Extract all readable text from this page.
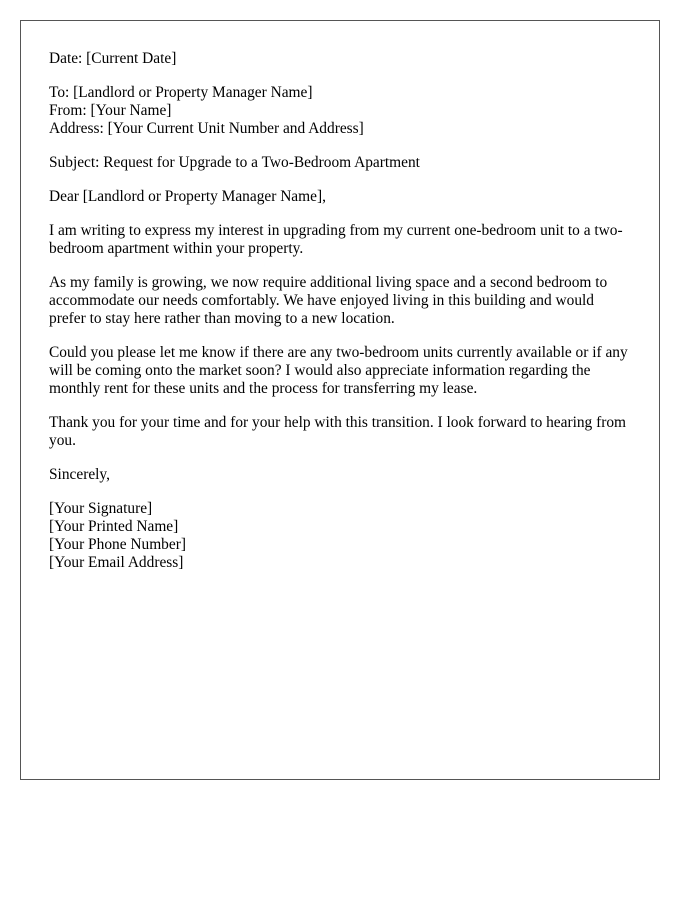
Date: [Current Date]

To: [Landlord or Property Manager Name]
From: [Your Name]
Address: [Your Current Unit Number and Address]

Subject: Request for Upgrade to a Two-Bedroom Apartment

Dear [Landlord or Property Manager Name],

I am writing to express my interest in upgrading from my current one-bedroom unit to a two-bedroom apartment within your property.

As my family is growing, we now require additional living space and a second bedroom to accommodate our needs comfortably. We have enjoyed living in this building and would prefer to stay here rather than moving to a new location.

Could you please let me know if there are any two-bedroom units currently available or if any will be coming onto the market soon? I would also appreciate information regarding the monthly rent for these units and the process for transferring my lease.

Thank you for your time and for your help with this transition. I look forward to hearing from you.

Sincerely,

[Your Signature]
[Your Printed Name]
[Your Phone Number]
[Your Email Address]
